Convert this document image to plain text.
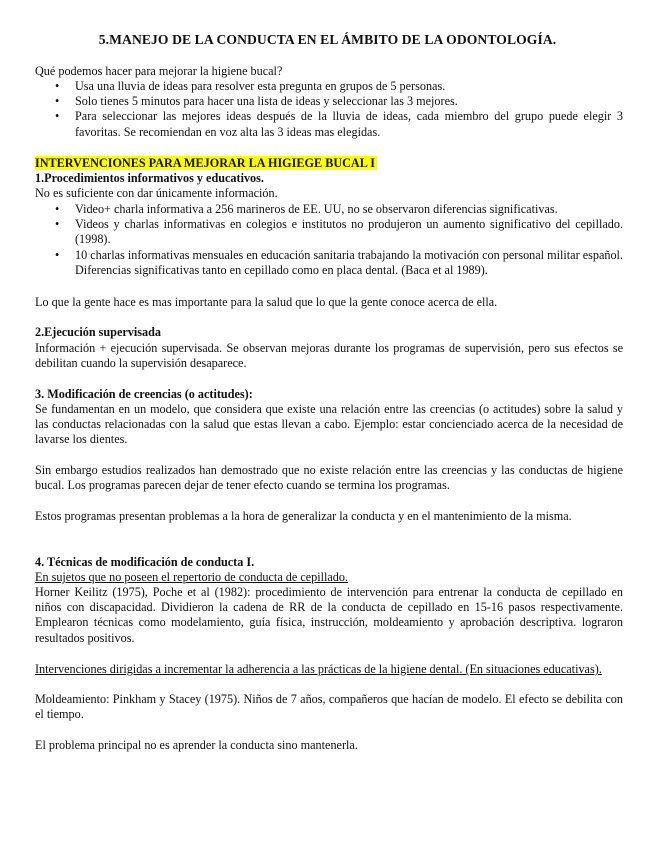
5.MANEJO DE LA CONDUCTA EN EL ÁMBITO DE LA ODONTOLOGÍA.

Qué podemos hacer para mejorar la higiene bucal?

• Usa una lluvia de ideas para resolver esta pregunta en grupos de 5 personas.
• Solo tienes 5 minutos para hacer una lista de ideas y seleccionar las 3 mejores.
• Para seleccionar las mejores ideas después de la lluvia de ideas, cada miembro del grupo puede elegir 3 favoritas. Se recomiendan en voz alta las 3 ideas mas elegidas.

INTERVENCIONES PARA MEJORAR LA HIGIEGE BUCAL I

1.Procedimientos informativos y educativos.

No es suficiente con dar únicamente información.

• Video+ charla informativa a 256 marineros de EE. UU, no se observaron diferencias significativas.
• Videos y charlas informativas en colegios e institutos no produjeron un aumento significativo del cepillado. (1998).
• 10 charlas informativas mensuales en educación sanitaria trabajando la motivación con personal militar español. Diferencias significativas tanto en cepillado como en placa dental. (Baca et al 1989).

Lo que la gente hace es mas importante para la salud que lo que la gente conoce acerca de ella.

2.Ejecución supervisada

Información + ejecución supervisada. Se observan mejoras durante los programas de supervisión, pero sus efectos se debilitan cuando la supervisión desaparece.

3. Modificación de creencias (o actitudes):

Se fundamentan en un modelo, que considera que existe una relación entre las creencias (o actitudes) sobre la salud y las conductas relacionadas con la salud que estas llevan a cabo. Ejemplo: estar concienciado acerca de la necesidad de lavarse los dientes.

Sin embargo estudios realizados han demostrado que no existe relación entre las creencias y las conductas de higiene bucal. Los programas parecen dejar de tener efecto cuando se termina los programas.

Estos programas presentan problemas a la hora de generalizar la conducta y en el mantenimiento de la misma.

4. Técnicas de modificación de conducta I.

En sujetos que no poseen el repertorio de conducta de cepillado.

Horner Keilitz (1975), Poche et al (1982): procedimiento de intervención para entrenar la conducta de cepillado en niños con discapacidad. Dividieron la cadena de RR de la conducta de cepillado en 15-16 pasos respectivamente. Emplearon técnicas como modelamiento, guía física, instrucción, moldeamiento y aprobación descriptiva. lograron resultados positivos.

Intervenciones dirigidas a incrementar la adherencia a las prácticas de la higiene dental. (En situaciones educativas).

Moldeamiento: Pinkham y Stacey (1975). Niños de 7 años, compañeros que hacían de modelo. El efecto se debilita con el tiempo.

El problema principal no es aprender la conducta sino mantenerla.
